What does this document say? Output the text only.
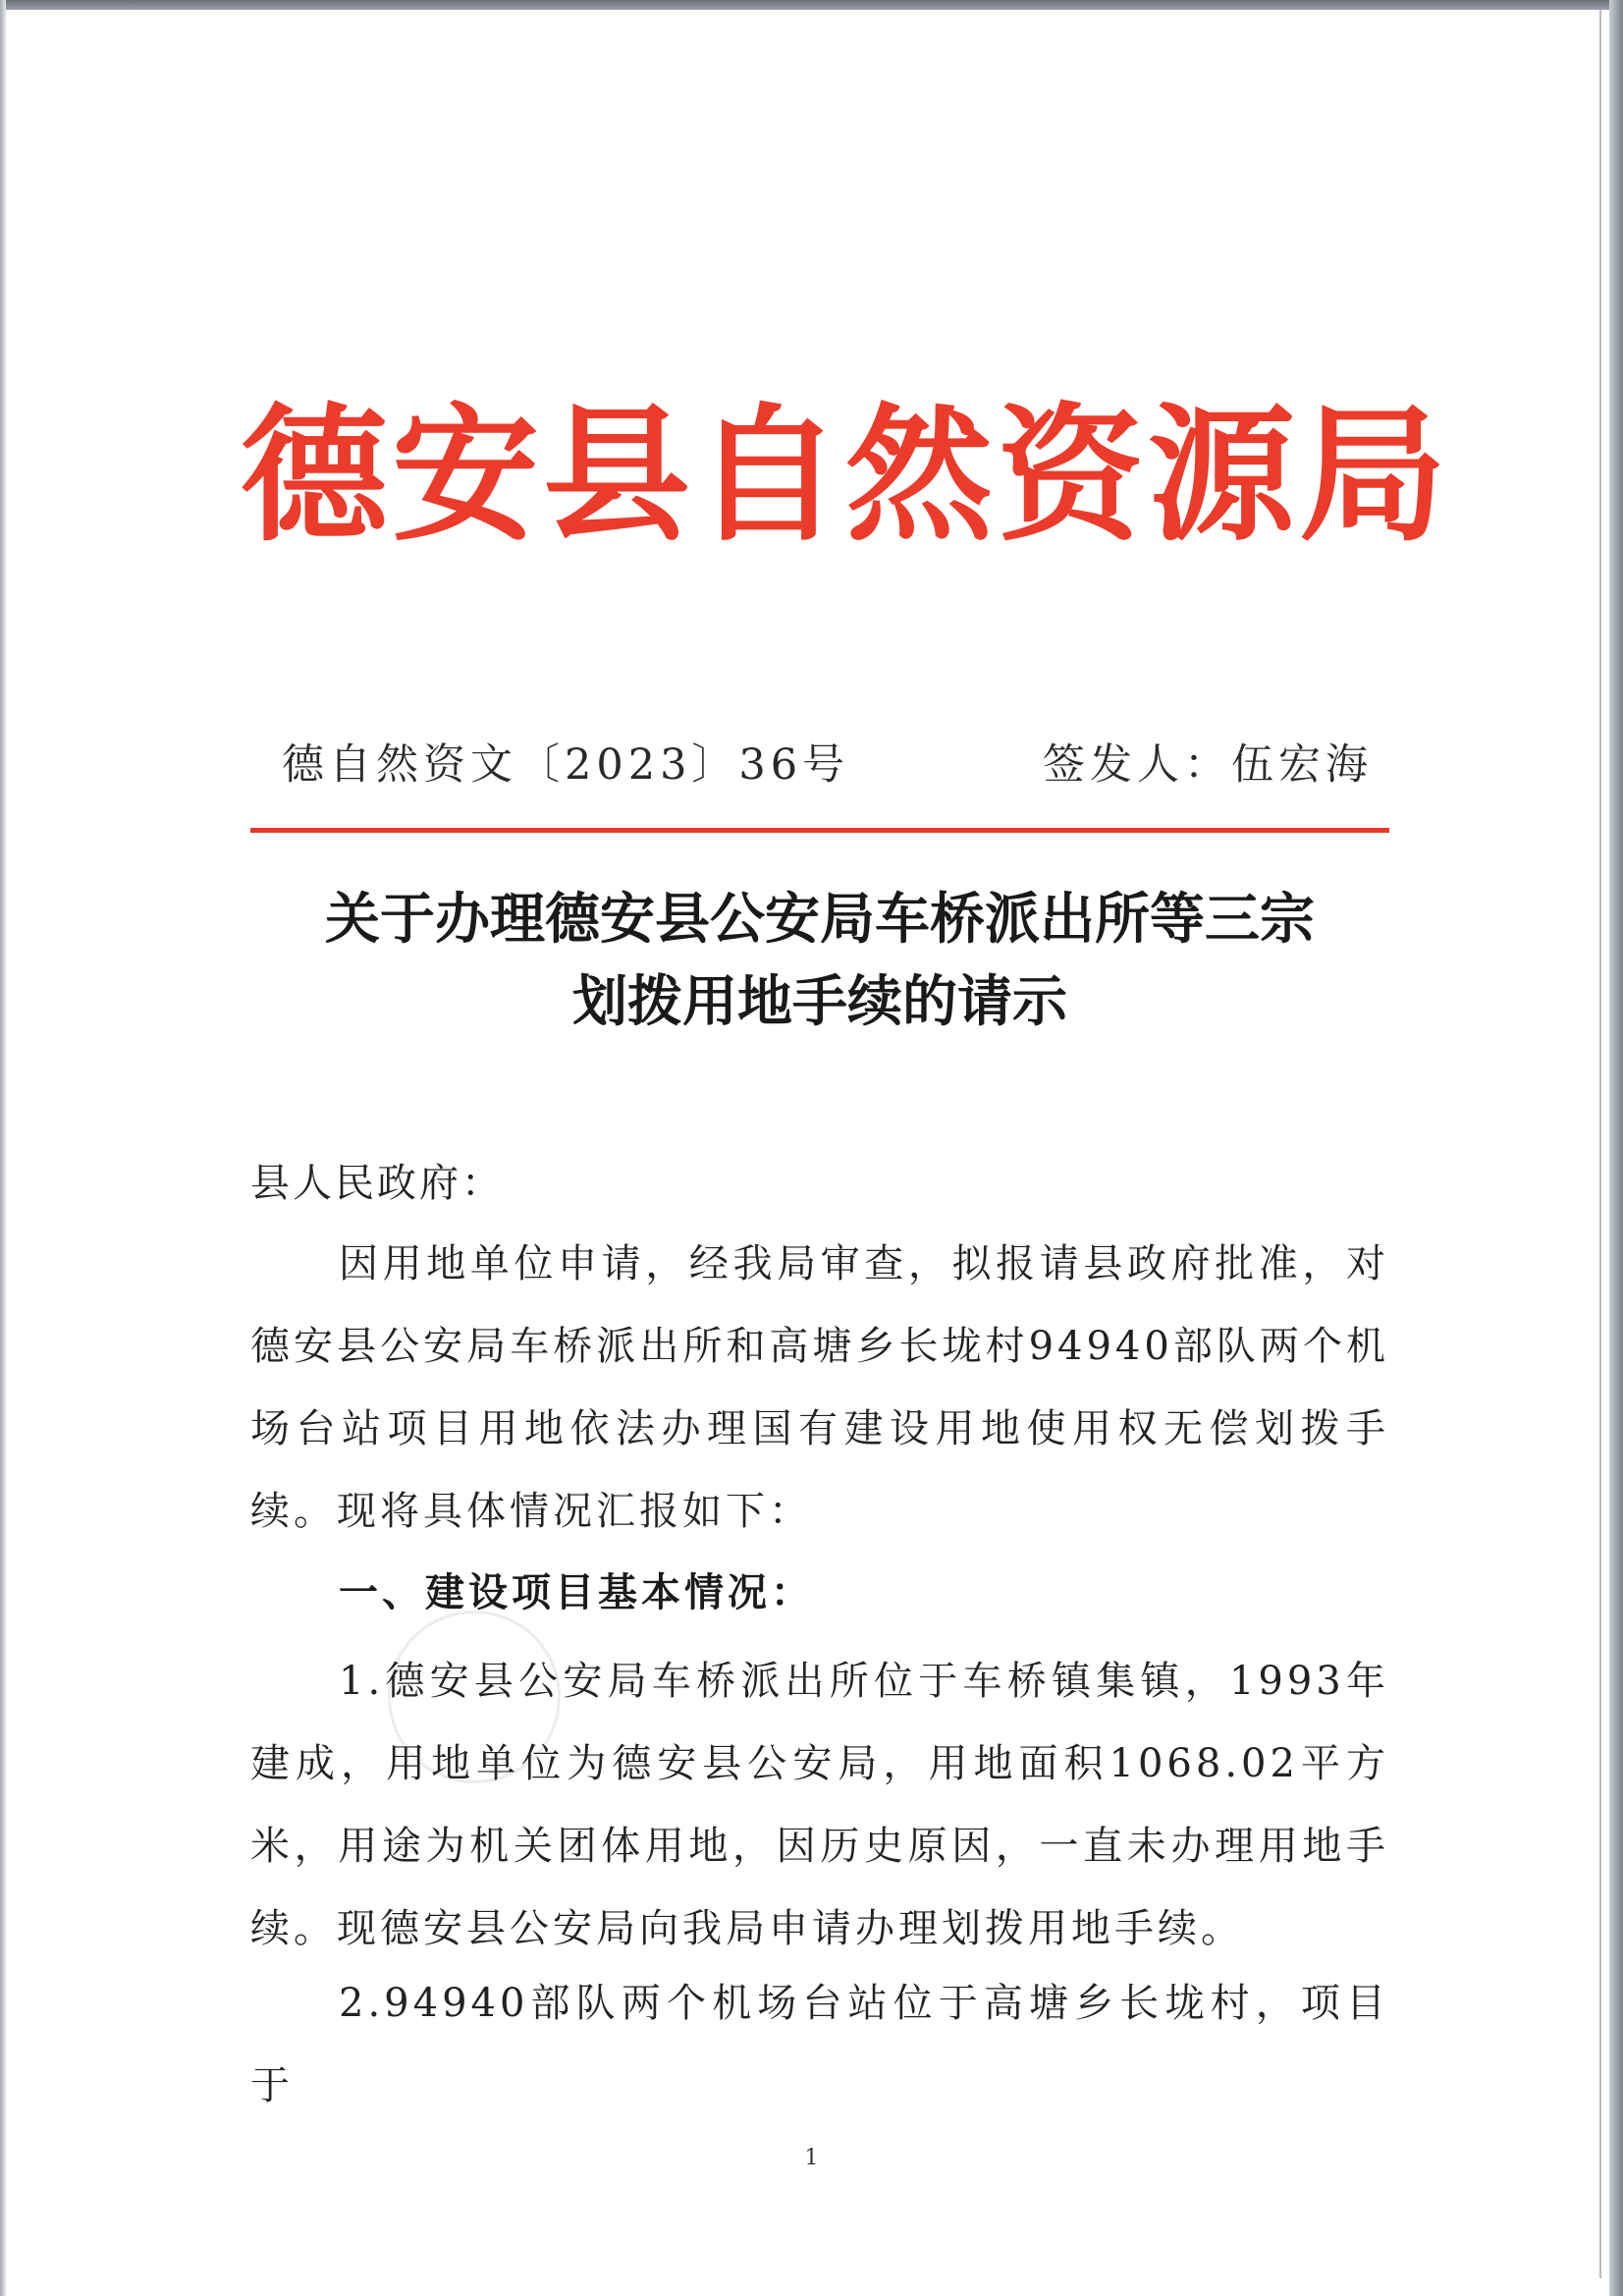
德安县自然资源局
德自然资文〔2023〕36号	签发人：伍宏海
关于办理德安县公安局车桥派出所等三宗
划拨用地手续的请示
县人民政府：

因用地单位申请，经我局审查，拟报请县政府批准，对德安县公安局车桥派出所和高塘乡长垅村94940部队两个机场台站项目用地依法办理国有建设用地使用权无偿划拨手续。现将具体情况汇报如下：

一、建设项目基本情况：

1.德安县公安局车桥派出所位于车桥镇集镇，1993年建成，用地单位为德安县公安局，用地面积1068.02平方米，用途为机关团体用地，因历史原因，一直未办理用地手续。现德安县公安局向我局申请办理划拨用地手续。

2.94940部队两个机场台站位于高塘乡长垅村，项目于

1
